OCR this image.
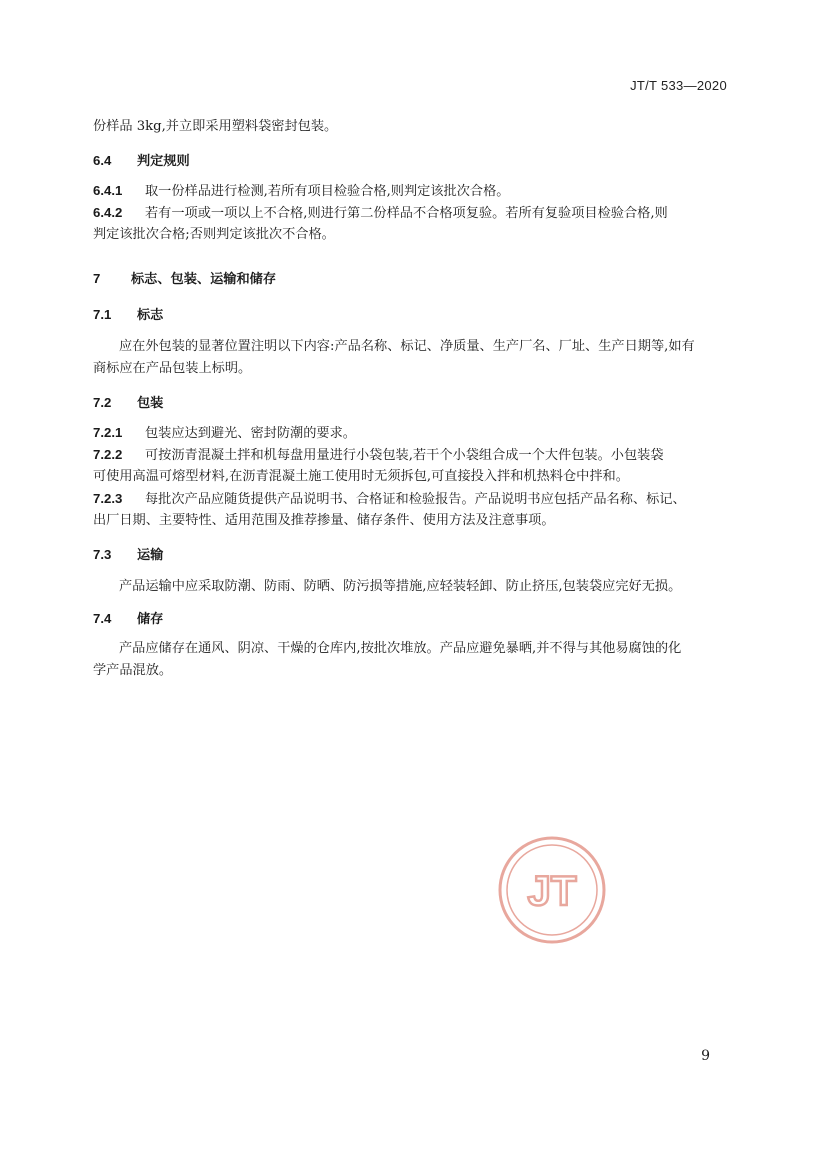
JT/T 533—2020
份样品 3kg,并立即采用塑料袋密封包装。
6.4 判定规则
6.4.1 取一份样品进行检测,若所有项目检验合格,则判定该批次合格。
6.4.2 若有一项或一项以上不合格,则进行第二份样品不合格项复验。若所有复验项目检验合格,则
判定该批次合格;否则判定该批次不合格。
7 标志、包装、运输和储存
7.1 标志
应在外包装的显著位置注明以下内容:产品名称、标记、净质量、生产厂名、厂址、生产日期等,如有
商标应在产品包装上标明。
7.2 包装
7.2.1 包装应达到避光、密封防潮的要求。
7.2.2 可按沥青混凝土拌和机每盘用量进行小袋包装,若干个小袋组合成一个大件包装。小包装袋
可使用高温可熔型材料,在沥青混凝土施工使用时无须拆包,可直接投入拌和机热料仓中拌和。
7.2.3 每批次产品应随货提供产品说明书、合格证和检验报告。产品说明书应包括产品名称、标记、
出厂日期、主要特性、适用范围及推荐掺量、储存条件、使用方法及注意事项。
7.3 运输
产品运输中应采取防潮、防雨、防晒、防污损等措施,应轻装轻卸、防止挤压,包装袋应完好无损。
7.4 储存
产品应储存在通风、阴凉、干燥的仓库内,按批次堆放。产品应避免暴晒,并不得与其他易腐蚀的化
学产品混放。
JT
9
